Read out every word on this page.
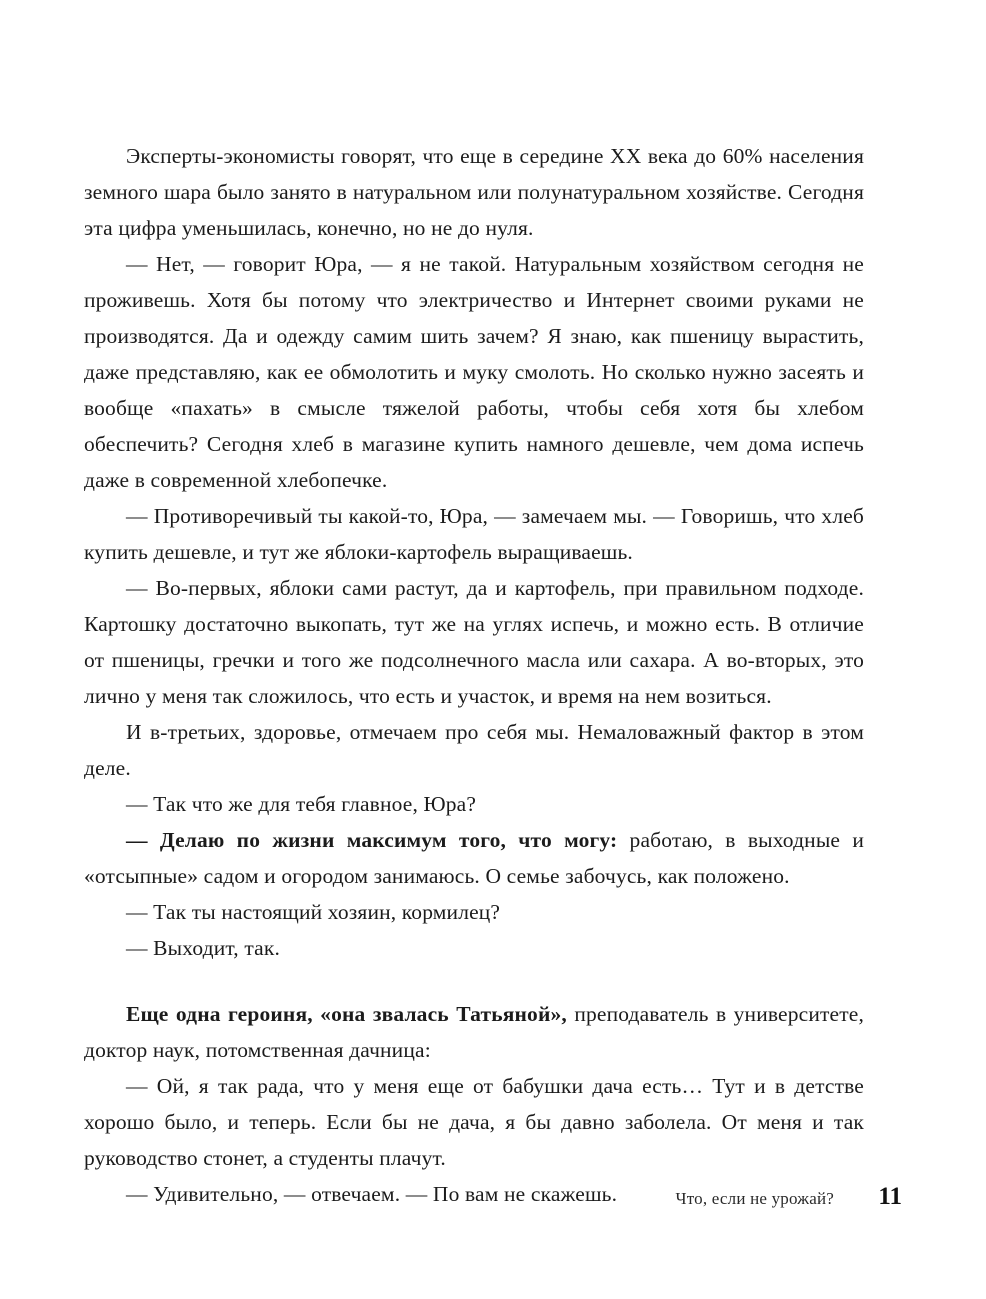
Эксперты-экономисты говорят, что еще в середине XX века до 60% населения земного шара было занято в натуральном или полунатуральном хозяйстве. Сегодня эта цифра уменьшилась, конечно, но не до нуля.

— Нет, — говорит Юра, — я не такой. Натуральным хозяйством сегодня не проживешь. Хотя бы потому что электричество и Интернет своими руками не производятся. Да и одежду самим шить зачем? Я знаю, как пшеницу вырастить, даже представляю, как ее обмолотить и муку смолоть. Но сколько нужно засеять и вообще «пахать» в смысле тяжелой работы, чтобы себя хотя бы хлебом обеспечить? Сегодня хлеб в магазине купить намного дешевле, чем дома испечь даже в современной хлебопечке.

— Противоречивый ты какой-то, Юра, — замечаем мы. — Говоришь, что хлеб купить дешевле, и тут же яблоки-картофель выращиваешь.

— Во-первых, яблоки сами растут, да и картофель, при правильном подходе. Картошку достаточно выкопать, тут же на углях испечь, и можно есть. В отличие от пшеницы, гречки и того же подсолнечного масла или сахара. А во-вторых, это лично у меня так сложилось, что есть и участок, и время на нем возиться.

И в-третьих, здоровье, отмечаем про себя мы. Немаловажный фактор в этом деле.

— Так что же для тебя главное, Юра?

— Делаю по жизни максимум того, что могу: работаю, в выходные и «отсыпные» садом и огородом занимаюсь. О семье забочусь, как положено.

— Так ты настоящий хозяин, кормилец?

— Выходит, так.

Еще одна героиня, «она звалась Татьяной», преподаватель в университете, доктор наук, потомственная дачница:

— Ой, я так рада, что у меня еще от бабушки дача есть… Тут и в детстве хорошо было, и теперь. Если бы не дача, я бы давно заболела. От меня и так руководство стонет, а студенты плачут.

— Удивительно, — отвечаем. — По вам не скажешь.	Что, если не урожай? 11
